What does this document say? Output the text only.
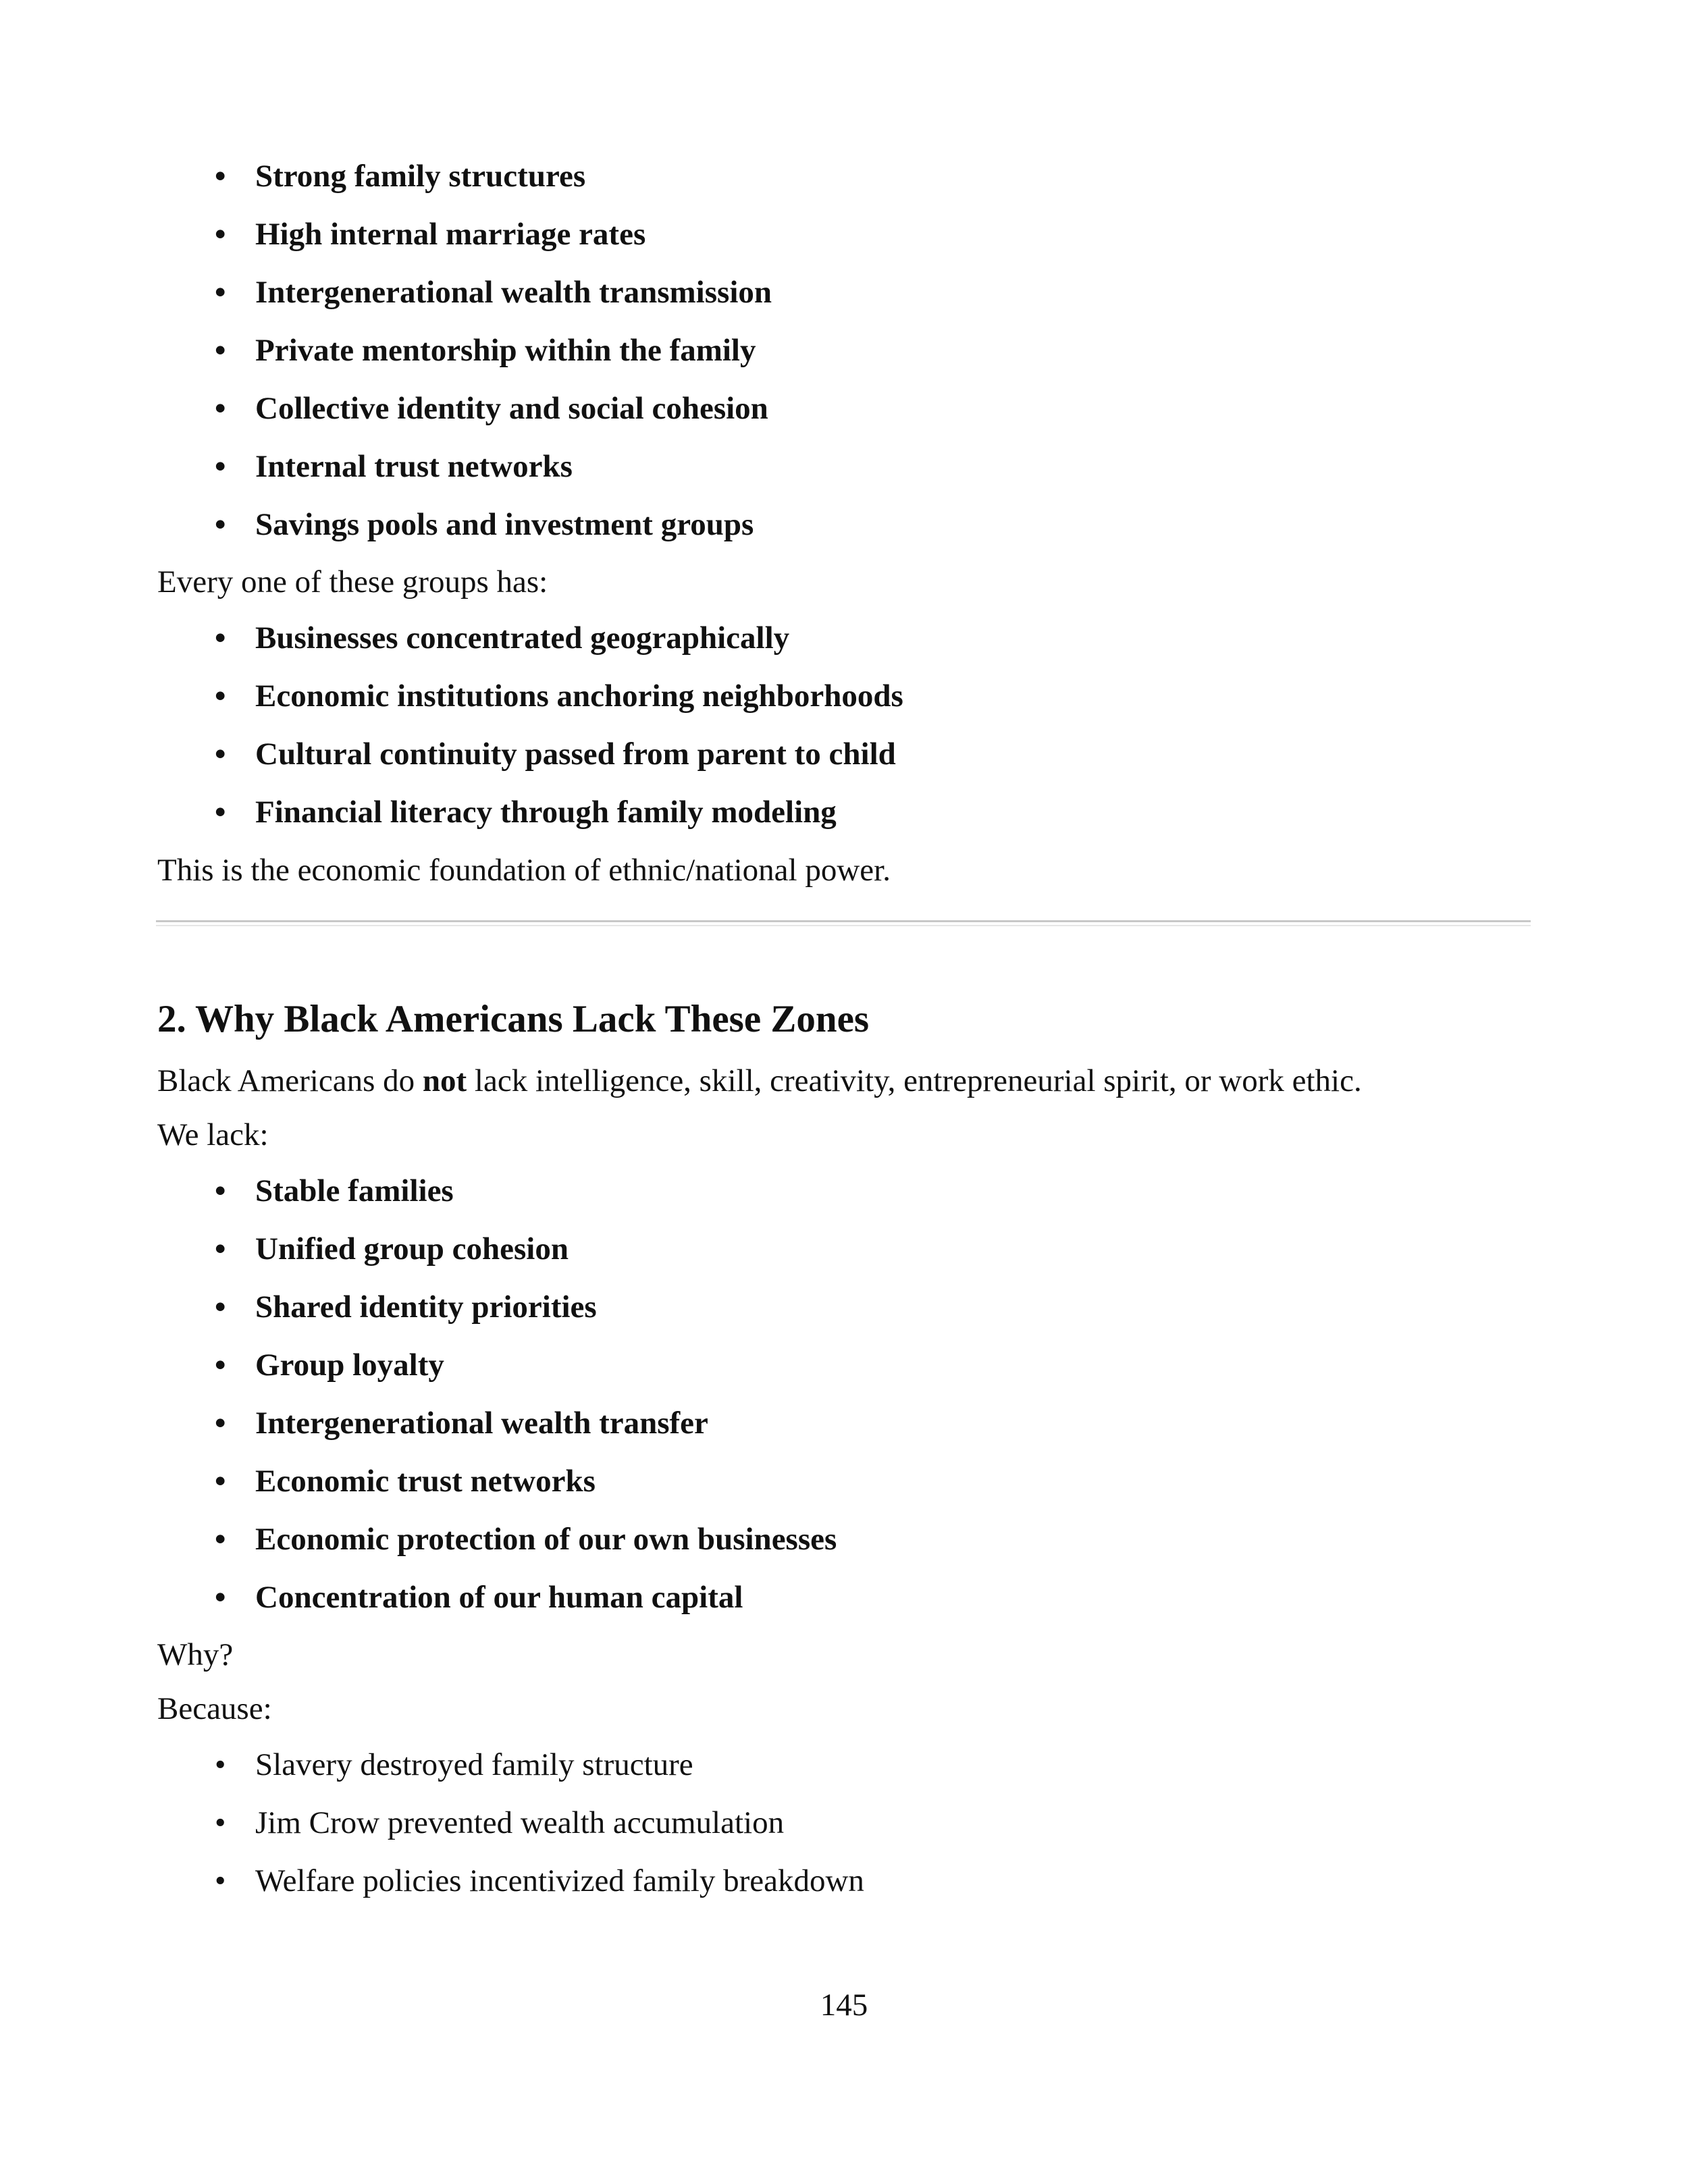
• Strong family structures
• High internal marriage rates
• Intergenerational wealth transmission
• Private mentorship within the family
• Collective identity and social cohesion
• Internal trust networks
• Savings pools and investment groups
Every one of these groups has:
• Businesses concentrated geographically
• Economic institutions anchoring neighborhoods
• Cultural continuity passed from parent to child
• Financial literacy through family modeling
This is the economic foundation of ethnic/national power.
2. Why Black Americans Lack These Zones
Black Americans do not lack intelligence, skill, creativity, entrepreneurial spirit, or work ethic.
We lack:
• Stable families
• Unified group cohesion
• Shared identity priorities
• Group loyalty
• Intergenerational wealth transfer
• Economic trust networks
• Economic protection of our own businesses
• Concentration of our human capital
Why?
Because:
• Slavery destroyed family structure
• Jim Crow prevented wealth accumulation
• Welfare policies incentivized family breakdown
145
